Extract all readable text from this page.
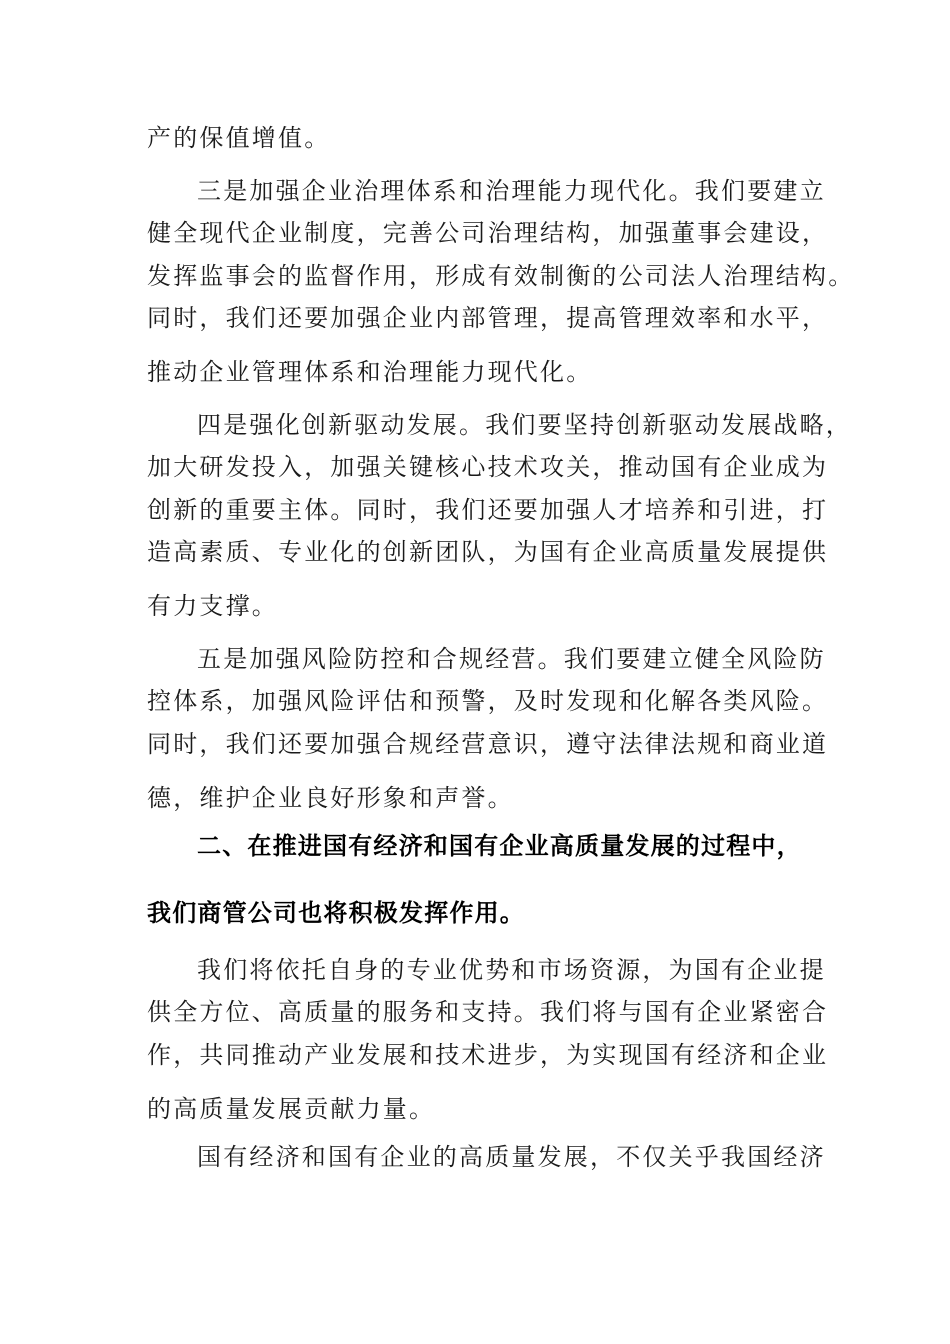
产的保值增值。
三是加强企业治理体系和治理能力现代化。我们要建立
健全现代企业制度，完善公司治理结构，加强董事会建设，
发挥监事会的监督作用，形成有效制衡的公司法人治理结构。
同时，我们还要加强企业内部管理，提高管理效率和水平，
推动企业管理体系和治理能力现代化。
四是强化创新驱动发展。我们要坚持创新驱动发展战略，
加大研发投入，加强关键核心技术攻关，推动国有企业成为
创新的重要主体。同时，我们还要加强人才培养和引进，打
造高素质、专业化的创新团队，为国有企业高质量发展提供
有力支撑。
五是加强风险防控和合规经营。我们要建立健全风险防
控体系，加强风险评估和预警，及时发现和化解各类风险。
同时，我们还要加强合规经营意识，遵守法律法规和商业道
德，维护企业良好形象和声誉。
二、在推进国有经济和国有企业高质量发展的过程中，
我们商管公司也将积极发挥作用。
我们将依托自身的专业优势和市场资源，为国有企业提
供全方位、高质量的服务和支持。我们将与国有企业紧密合
作，共同推动产业发展和技术进步，为实现国有经济和企业
的高质量发展贡献力量。
国有经济和国有企业的高质量发展，不仅关乎我国经济
